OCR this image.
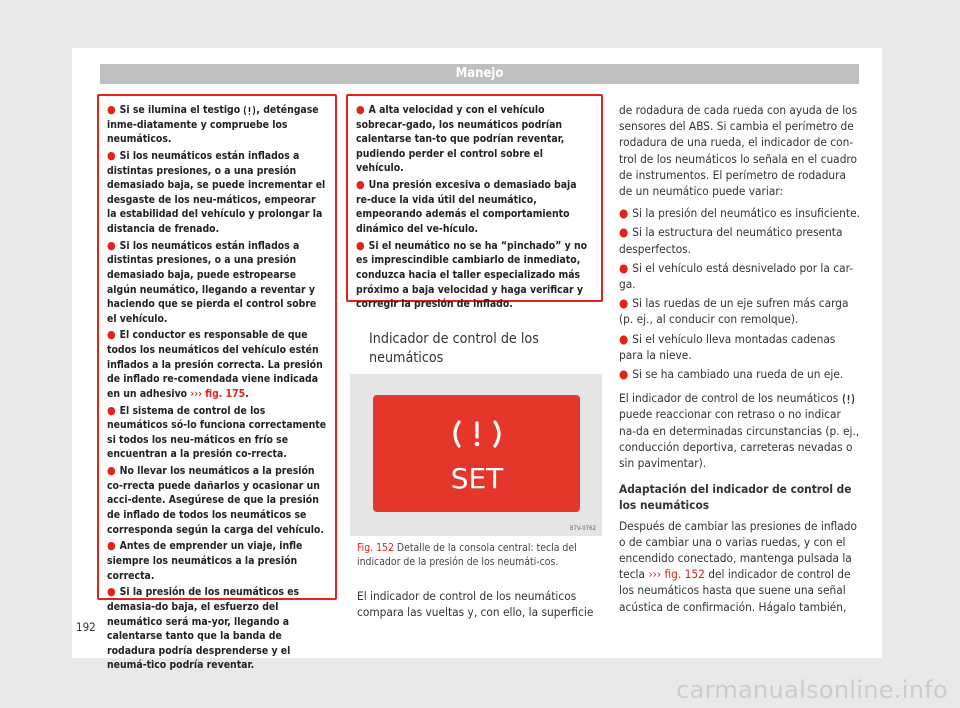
Manejo
● Si se ilumina el testigo , deténgase inme-diatamente y compruebe los neumáticos.
● Si los neumáticos están inflados a distintas presiones, o a una presión demasiado baja, se puede incrementar el desgaste de los neu-máticos, empeorar la estabilidad del vehículo y prolongar la distancia de frenado.
● Si los neumáticos están inflados a distintas presiones, o a una presión demasiado baja, puede estropearse algún neumático, llegando a reventar y haciendo que se pierda el control sobre el vehículo.
● El conductor es responsable de que todos los neumáticos del vehículo estén inflados a la presión correcta. La presión de inflado re-comendada viene indicada en un adhesivo ››› fig. 175.
● El sistema de control de los neumáticos só-lo funciona correctamente si todos los neu-máticos en frío se encuentran a la presión co-rrecta.
● No llevar los neumáticos a la presión co-rrecta puede dañarlos y ocasionar un acci-dente. Asegúrese de que la presión de inflado de todos los neumáticos se corresponda según la carga del vehículo.
● Antes de emprender un viaje, infle siempre los neumáticos a la presión correcta.
● Si la presión de los neumáticos es demasia-do baja, el esfuerzo del neumático será ma-yor, llegando a calentarse tanto que la banda de rodadura podría desprenderse y el neumá-tico podría reventar.
● A alta velocidad y con el vehículo sobrecar-gado, los neumáticos podrían calentarse tan-to que podrían reventar, pudiendo perder el control sobre el vehículo.
● Una presión excesiva o demasiado baja re-duce la vida útil del neumático, empeorando además el comportamiento dinámico del ve-hículo.
● Si el neumático no se ha “pinchado” y no es imprescindible cambiarlo de inmediato, conduzca hacia el taller especializado más próximo a baja velocidad y haga verificar y corregir la presión de inflado.
Indicador de control de los neumáticos
SET
B7V-0762
Fig. 152 Detalle de la consola central: tecla del indicador de la presión de los neumáti-cos.
El indicador de control de los neumáticos compara las vueltas y, con ello, la superficie

de rodadura de cada rueda con ayuda de los sensores del ABS. Si cambia el perímetro de rodadura de una rueda, el indicador de con-trol de los neumáticos lo señala en el cuadro de instrumentos. El perímetro de rodadura de un neumático puede variar:

● Si la presión del neumático es insuficiente.
● Si la estructura del neumático presenta desperfectos.
● Si el vehículo está desnivelado por la car-ga.
● Si las ruedas de un eje sufren más carga (p. ej., al conducir con remolque).
● Si el vehículo lleva montadas cadenas para la nieve.
● Si se ha cambiado una rueda de un eje.

El indicador de control de los neumáticos  puede reaccionar con retraso o no indicar na-da en determinadas circunstancias (p. ej., conducción deportiva, carreteras nevadas o sin pavimentar).

Adaptación del indicador de control de los neumáticos

Después de cambiar las presiones de inflado o de cambiar una o varias ruedas, y con el encendido conectado, mantenga pulsada la tecla ››› fig. 152 del indicador de control de los neumáticos hasta que suene una señal acústica de confirmación. Hágalo también,

192
carmanualsonline.info
